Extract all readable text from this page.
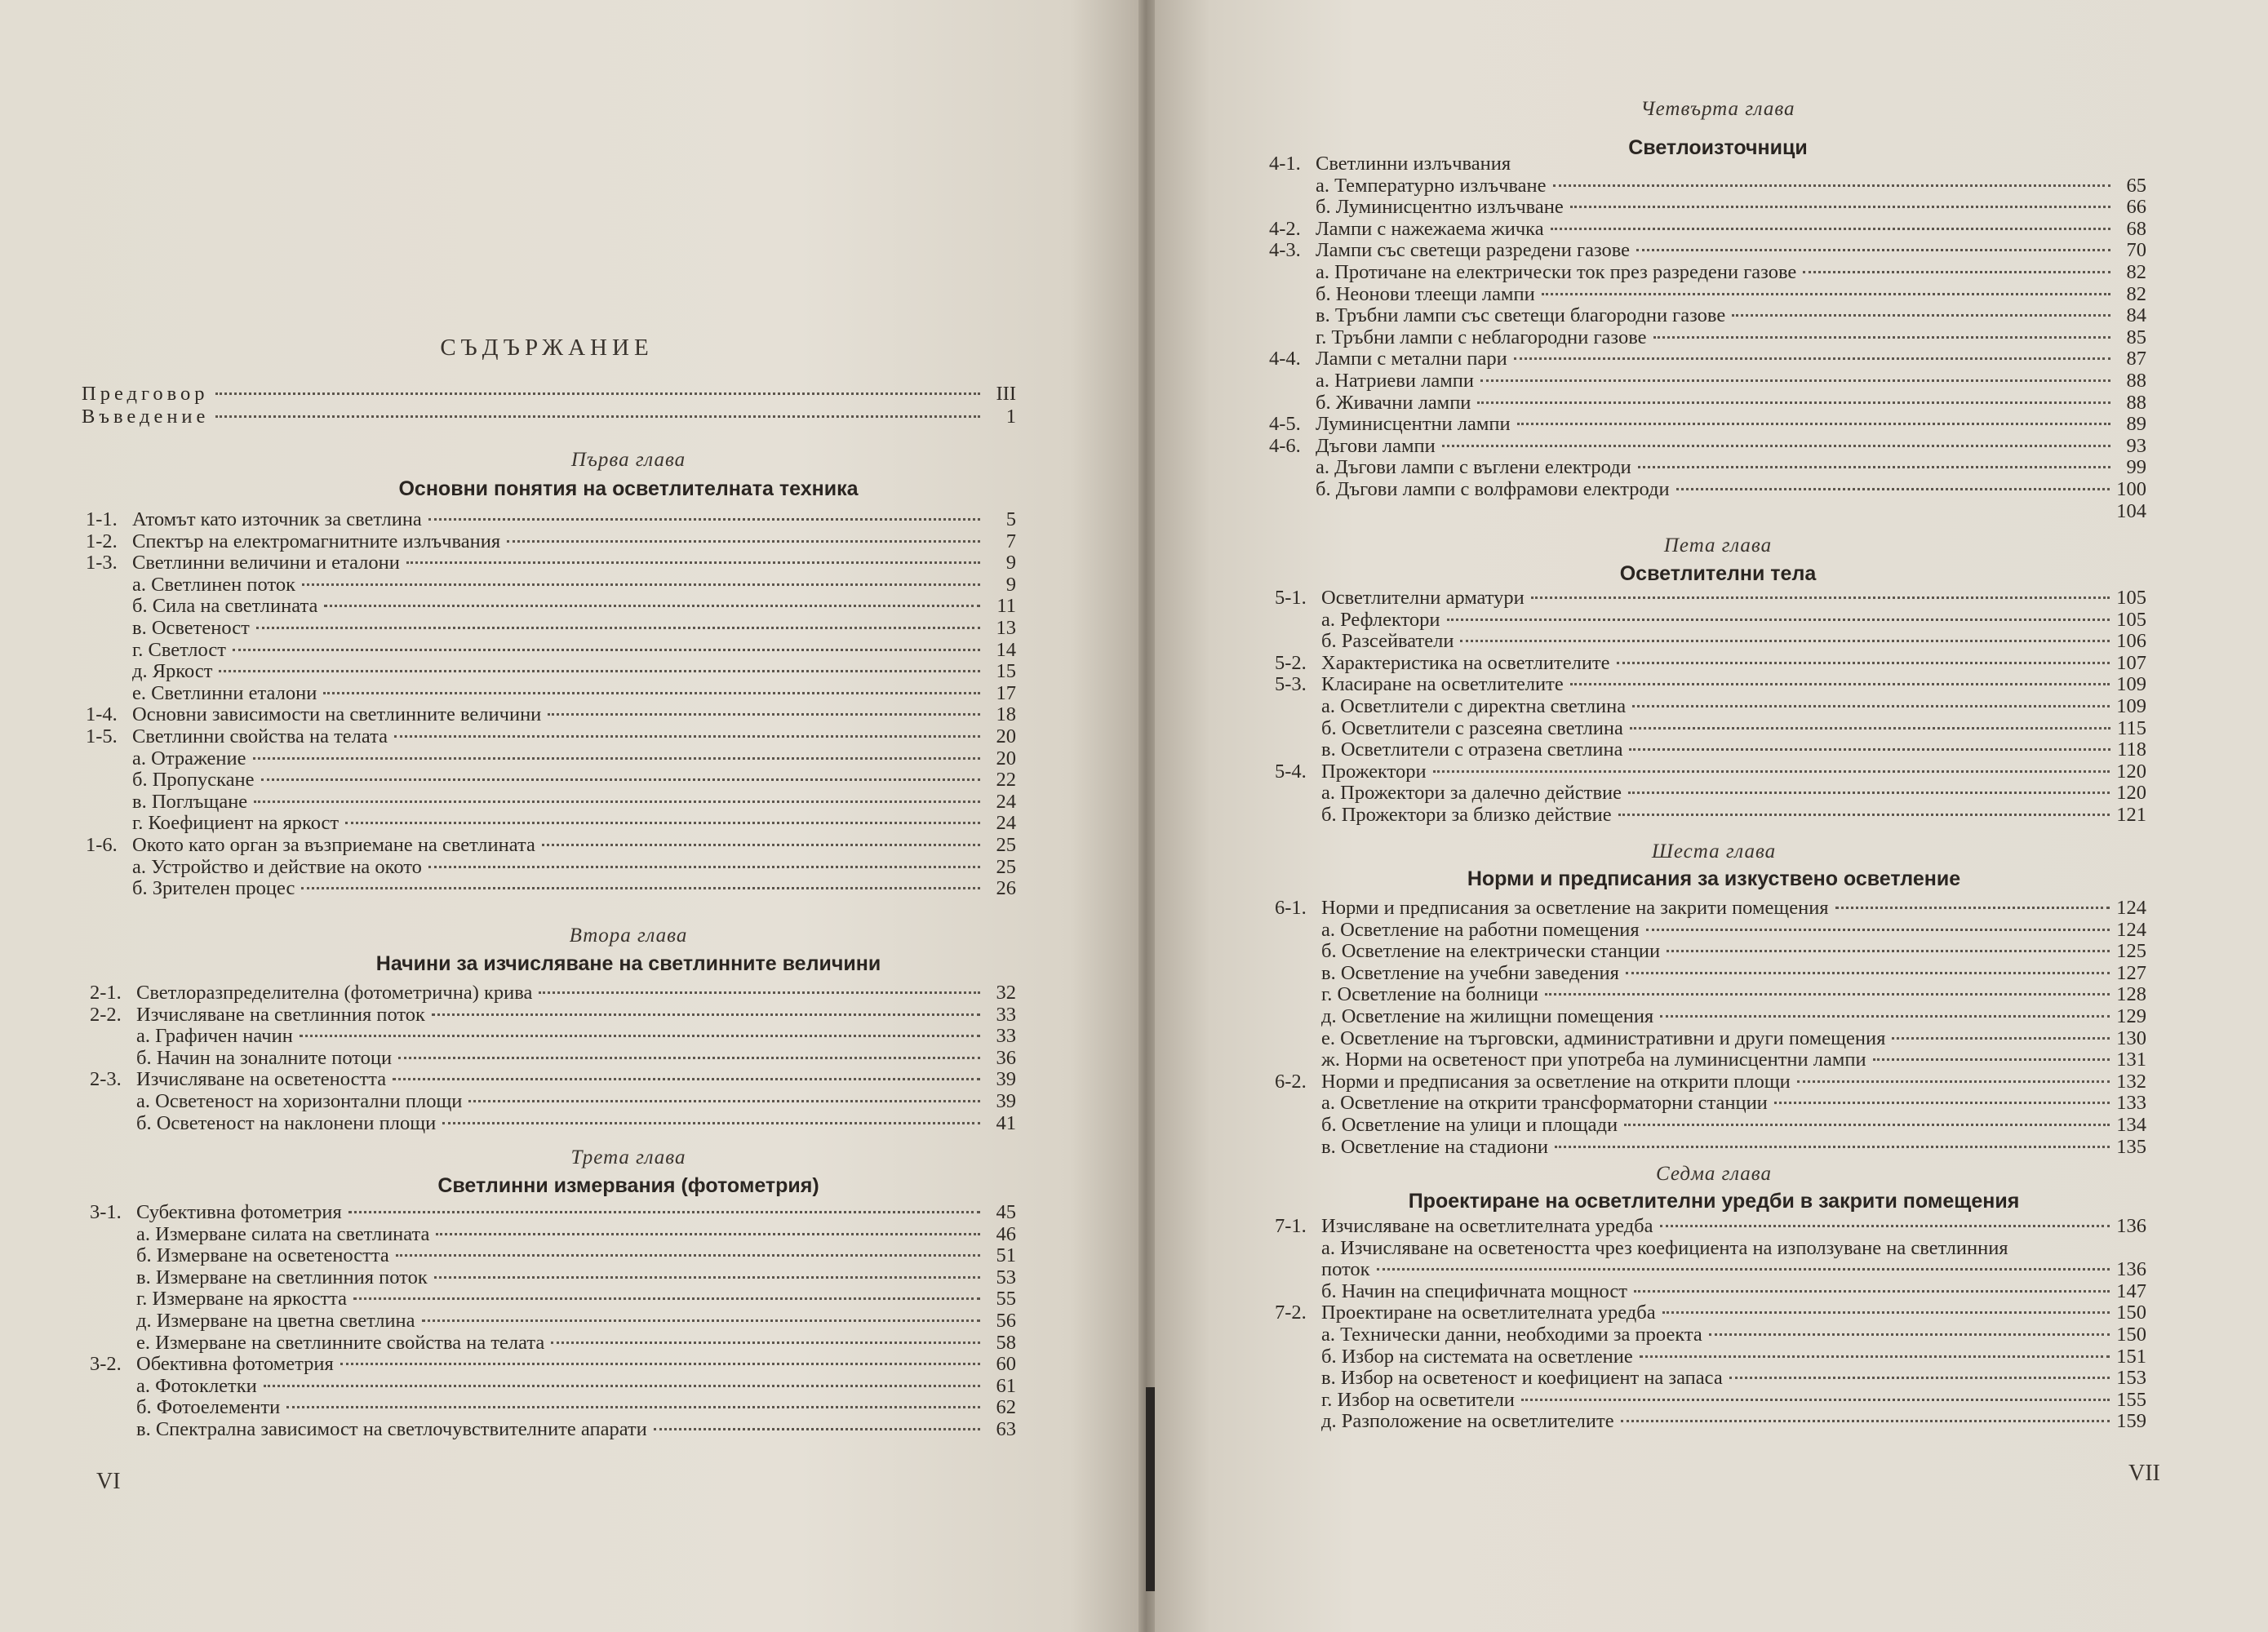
СЪДЪРЖАНИЕ
Предговор	III
Въведение	1
Първа глава
Основни понятия на осветлителната техника
1-1. Атомът като източник за светлина	5
1-2. Спектър на електромагнитните излъчвания	7
1-3. Светлинни величини и еталони	9
а. Светлинен поток	9
б. Сила на светлината	11
в. Осветеност	13
г. Светлост	14
д. Яркост	15
е. Светлинни еталони	17
1-4. Основни зависимости на светлинните величини	18
1-5. Светлинни свойства на телата	20
а. Отражение	20
б. Пропускане	22
в. Поглъщане	24
г. Коефициент на яркост	24
1-6. Окото като орган за възприемане на светлината	25
а. Устройство и действие на окото	25
б. Зрителен процес	26
Втора глава
Начини за изчисляване на светлинните величини
2-1. Светлоразпределителна (фотометрична) крива	32
2-2. Изчисляване на светлинния поток	33
а. Графичен начин	33
б. Начин на зоналните потоци	36
2-3. Изчисляване на осветеността	39
а. Осветеност на хоризонтални площи	39
б. Осветеност на наклонени площи	41
Трета глава
Светлинни измервания (фотометрия)
3-1. Субективна фотометрия	45
а. Измерване силата на светлината	46
б. Измерване на осветеността	51
в. Измерване на светлинния поток	53
г. Измерване на яркостта	55
д. Измерване на цветна светлина	56
е. Измерване на светлинните свойства на телата	58
3-2. Обективна фотометрия	60
а. Фотоклетки	61
б. Фотоелементи	62
в. Спектрална зависимост на светлочувствителните апарати	63
Четвърта глава
Светлоизточници
4-1. Светлинни излъчвания
а. Температурно излъчване	65
б. Луминисцентно излъчване	66
4-2. Лампи с нажежаема жичка	68
4-3. Лампи със светещи разредени газове	70
а. Протичане на електрически ток през разредени газове	82
б. Неонови тлеещи лампи	82
в. Тръбни лампи със светещи благородни газове	84
г. Тръбни лампи с неблагородни газове	85
4-4. Лампи с метални пари	87
а. Натриеви лампи	88
б. Живачни лампи	88
4-5. Луминисцентни лампи	89
4-6. Дъгови лампи	93
а. Дъгови лампи с въглени електроди	99
б. Дъгови лампи с волфрамови електроди	100
104
Пета глава
Осветлителни тела
5-1. Осветлителни арматури	105
а. Рефлектори	105
б. Разсейватели	106
5-2. Характеристика на осветлителите	107
5-3. Класиране на осветлителите	109
а. Осветлители с директна светлина	109
б. Осветлители с разсеяна светлина	115
в. Осветлители с отразена светлина	118
5-4. Прожектори	120
а. Прожектори за далечно действие	120
б. Прожектори за близко действие	121
Шеста глава
Норми и предписания за изкуствено осветление
6-1. Норми и предписания за осветление на закрити помещения	124
а. Осветление на работни помещения	124
б. Осветление на електрически станции	125
в. Осветление на учебни заведения	127
г. Осветление на болници	128
д. Осветление на жилищни помещения	129
е. Осветление на търговски, административни и други помещения	130
ж. Норми на осветеност при употреба на луминисцентни лампи	131
6-2. Норми и предписания за осветление на открити площи	132
а. Осветление на открити трансформаторни станции	133
б. Осветление на улици и площади	134
в. Осветление на стадиони	135
Седма глава
Проектиране на осветлителни уредби в закрити помещения
7-1. Изчисляване на осветлителната уредба	136
а. Изчисляване на осветеността чрез коефициента на използуване на светлинния
поток	136
б. Начин на специфичната мощност	147
7-2. Проектиране на осветлителната уредба	150
а. Технически данни, необходими за проекта	150
б. Избор на системата на осветление	151
в. Избор на осветеност и коефициент на запаса	153
г. Избор на осветители	155
д. Разположение на осветлителите	159
VI	VII
